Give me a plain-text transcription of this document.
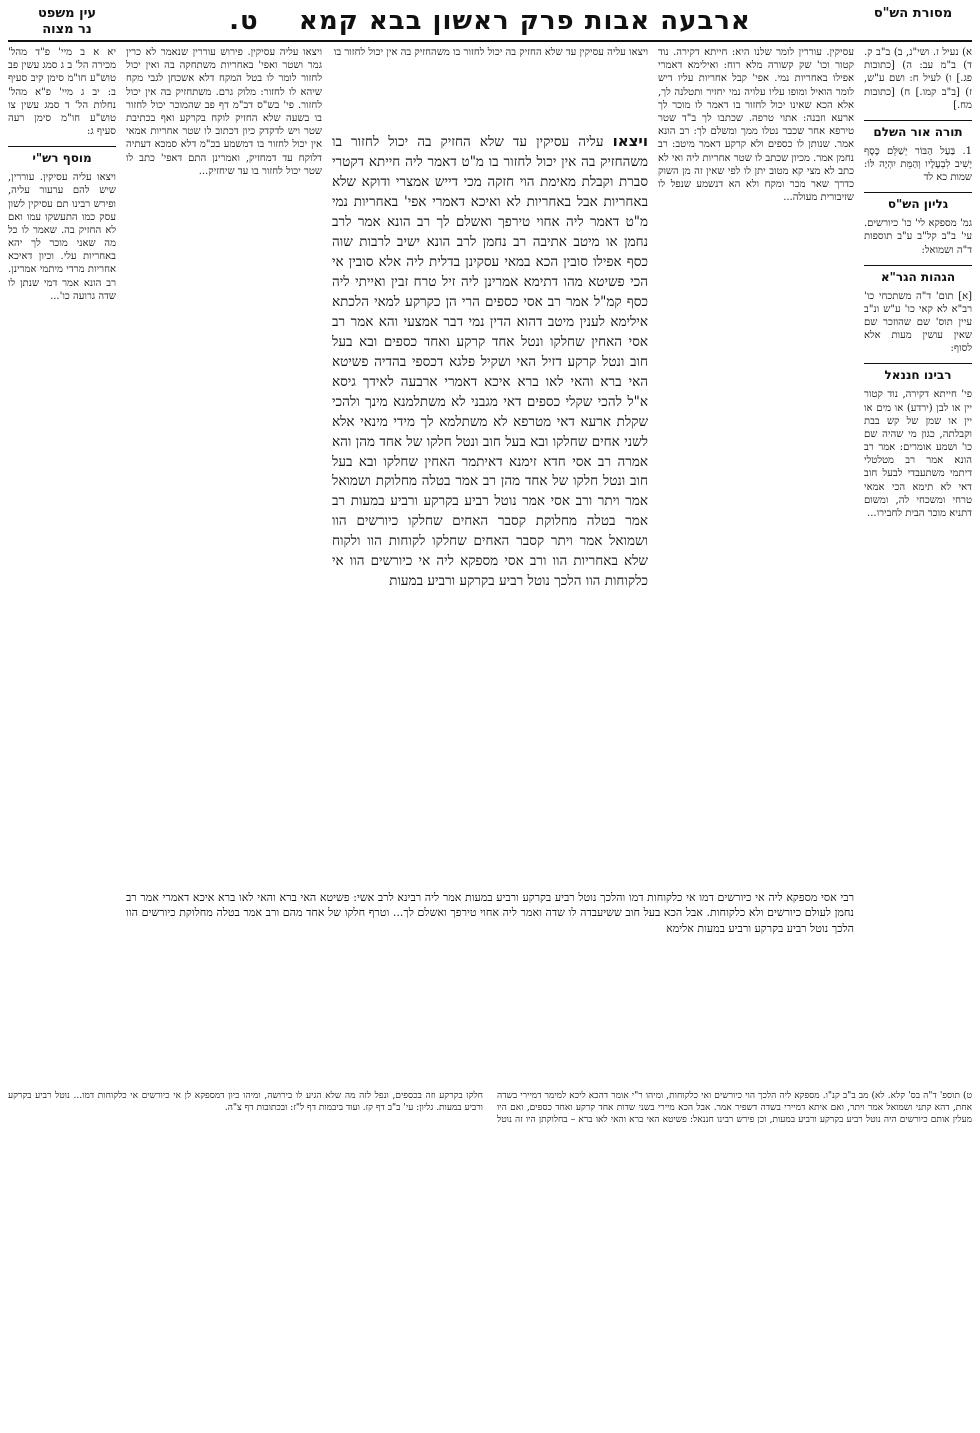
מסורת הש"ס
ארבעה אבות פרק ראשון בבא קמא    ט.
עין משפט
נר מצוה
א) נעיל ז. ושי"נ, ב) ב"ב ק. ד) ב"מ עב: ה) [כתובות פג.] ו) לעיל ח: ושם ע"ש, ז) [ב"ב קמו.] ח) [כתובות מח.]
תורה אור השלם
1. בַּעַל הַבּוֹר יְשַׁלֵּם כֶּסֶף יָשִׁיב לִבְעָלָיו וְהַמֵּת יִהְיֶה לּוֹ: שמות כא לד
גליון הש"ס
גמ' מספקא לי' כו' כיורשים. עי' ב"ב קל"ב ע"ב תוספות ד"ה ושמואל:
הגהות הגר"א
[א] תום' ד"ה משתכחי כו' רב"א לא קאי כו' ע"ש ונ"ב עיין תוס' שם שהוזכר שם שאין עושין מעות אלא לסוף:
רבינו חננאל
פי' חייתא דקירה, נוד קטור יין או לבן (ירדע) או מים או יין או שמן של קש בבת וקבלתה, כגון מי שהיה שם כו' ושמע אומרים: אמר רב הונא אמר רב מטלטלי דיתמי משתעבדי לבעל חוב דאי לא תימא הכי אמאי טרחי ומשכחי לה, ומשום דתניא מוכר הבית לחבירו...
יא א ב מיי' פ"ד מהל' מכירה הל' ב ג סמג עשין פב טוש"ע חו"מ סימן קיב סעיף ב: יב ג מיי' פ"א מהל' נחלות הל' ד סמג עשין צו טוש"ע חו"מ סימן רעה סעיף ג:
מוסף רש"י
ויצאו עליה עסיקין. עוררין, שיש להם ערעור עליה, ופירש רבינו תם עסיקין לשון עסק כמו התעשקו עמו ואם לא החזיק בה. שאמר לו כל מה שאני מוכר לך יהא באחריות עלי. וכיון דאיכא אחריות מרדי מיתמי אמרינן. רב הונא אמר דמי שנתן לו שדה גרועה כו'...
עסיקין. עוררין לומר שלנו היא: חייתא דקירה. נוד קטור וכו' שק קשורה מלא רוח: ואילימא דאמרי אפילו באחריות נמי. אפי' קבל אחריות עליו דיש לומר הואיל ומופו עליו עלויה נמי יחזיר ותטלנה לך, אלא הכא שאינו יכול לחזור בו דאמר לו מוכר לך ארעא וזבנה: אתוי טרפה. שכתבו לך ב"ד שטר טירפא אחר שכבר נטלו ממך ומשלם לך: רב הונא אמר. שנותן לו כספים ולא קרקע דאמר מיטב: רב נחמן אמר. מכיון שכתב לו שטר אחריות ליה ואי לא כתב לא מצי קא מטוב יתן לו לפי שאין זה מן השוק כדרך שאר מכר ומקח ולא הא דנשמע שנפל לו שזיבורית מעולה...
ויצאו עליה עסיקין. פירוש עוררין שנאמר לא כרין גמר ושטר ואפי' באחריות משתחקה בה ואין יכול לחזור לומר לו בטל המקח דלא אשכחן לגבי מקח שיהא לו לחזור: מלוק גרם. משתחזיק בה אין יכול לחזור. פי' בש"ס דב"מ דף פב שהמוכר יכול לחזור בו בשעה שלא החזיק לוקח בקרקע ואף בכתיבת שטר ויש לדקדק כיון דכתוב לו שטר אחריות אמאי אין יכול לחזור בו דמשמע בכ"מ דלא סמכא דעתיה דלוקח עד דמחזיק, ואמרינן התם דאפי' כתב לו שטר יכול לחזור בו עד שיחזיק...
ויצאו עליה עסיקין עד שלא החזיק בה יכול לחזור בו משהחזיק בה אין יכול לחזור בו
ויצאו עליה עסיקין עד שלא החזיק בה יכול לחזור בו משהחזיק בה אין יכול לחזור בו מ"ט דאמר ליה חייתא דקטרי סברת וקבלת מאימת הוי חזקה מכי דייש אמצרי ודוקא שלא באחריות אבל באחריות לא ואיכא דאמרי אפי' באחריות נמי מ"ט דאמר ליה אחוי טירפך ואשלם לך רב הונא אמר לרב נחמן או מיטב אתיבה רב נחמן לרב הונא ישיב לרבות שוה כסף אפילו סובין הכא במאי עסקינן בדלית ליה אלא סובין אי הכי פשיטא מהו דתימא אמרינן ליה זיל טרח זבין ואייתי ליה כסף קמ"ל אמר רב אסי כספים הרי הן כקרקע למאי הלכתא אילימא לענין מיטב דהוא הדין נמי דבר אמצעי והא אמר רב אסי האחין שחלקו ונטל אחד קרקע ואחד כספים ובא בעל חוב ונטל קרקע דזיל האי ושקיל פלגא דכספי בהדיה פשיטא האי ברא והאי לאו ברא איכא דאמרי ארבעה לאידך גיסא א"ל להכי שקלי כספים דאי מגבני לא משתלמנא מינך ולהכי שקלת ארעא דאי מטרפא לא משתלמא לך מידי מינאי אלא לשני אחים שחלקו ובא בעל חוב ונטל חלקו של אחד מהן והא אמרה רב אסי חדא זימנא דאיתמר האחין שחלקו ובא בעל חוב ונטל חלקו של אחד מהן רב אמר בטלה מחלוקת ושמואל אמר ויתר ורב אסי אמר נוטל רביע בקרקע ורביע במעות רב אמר בטלה מחלוקת קסבר האחים שחלקו כיורשים הוו ושמואל אמר ויתר קסבר האחים שחלקו לקוחות הוו ולקוח שלא באחריות הוו ורב אסי מספקא ליה אי כיורשים הוו אי כלקוחות הוו הלכך נוטל רביע בקרקע ורביע במעות
רבי אסי מספקא ליה אי כיורשים דמו אי כלקוחות דמו והלכך נוטל רביע בקרקע ורביע במעות אמר ליה רבינא לרב אשי: פשיטא האי ברא והאי לאו ברא איכא דאמרי אמר רב נחמן לעולם כיורשים ולא כלקוחות. אבל הכא בעל חוב ששיעבדה לו שדה ואמר ליה אחוי טירפך ואשלם לך... וטרף חלקו של אחד מהם ורב אמר בטלה מחלוקת כיורשים הוו הלכך נוטל רביע בקרקע ורביע במעות אלימא
ט) תוספ' ד"ה בס' קלא. לא) מב ב"ב קנ"ו. מספקא ליה הלכך הוי כיורשים ואי כלקוחות, ומיהו ר"י אומר דהכא ליכא למימר דמיירי בשדה אחת, דהא קתני ושמואל אמר ויתר, ואם איתא דמיירי בשדה דשפיר אמר. אבל הכא מיירי בשני שדות אחד קרקע ואחד כספים, ואם היו מעלין אותם כיורשים היה נוטל רביע בקרקע ורביע במעות, וכן פירש רבינו חננאל: פשיטא האי ברא והאי לאו ברא – בחלוקתן היו זה נוטל חלקו בקרקע וזה בכספים, ונפל לזה מה שלא הגיע לו בירושה, ומיהו כיון דמספקא לן אי כיורשים אי כלקוחות דמו... נוטל רביע בקרקע ורביע במעות. גליון: עי' ב"ב דף קז. ועוד ביבמות דף ל"ז: ובכתובות דף צ"ה.
